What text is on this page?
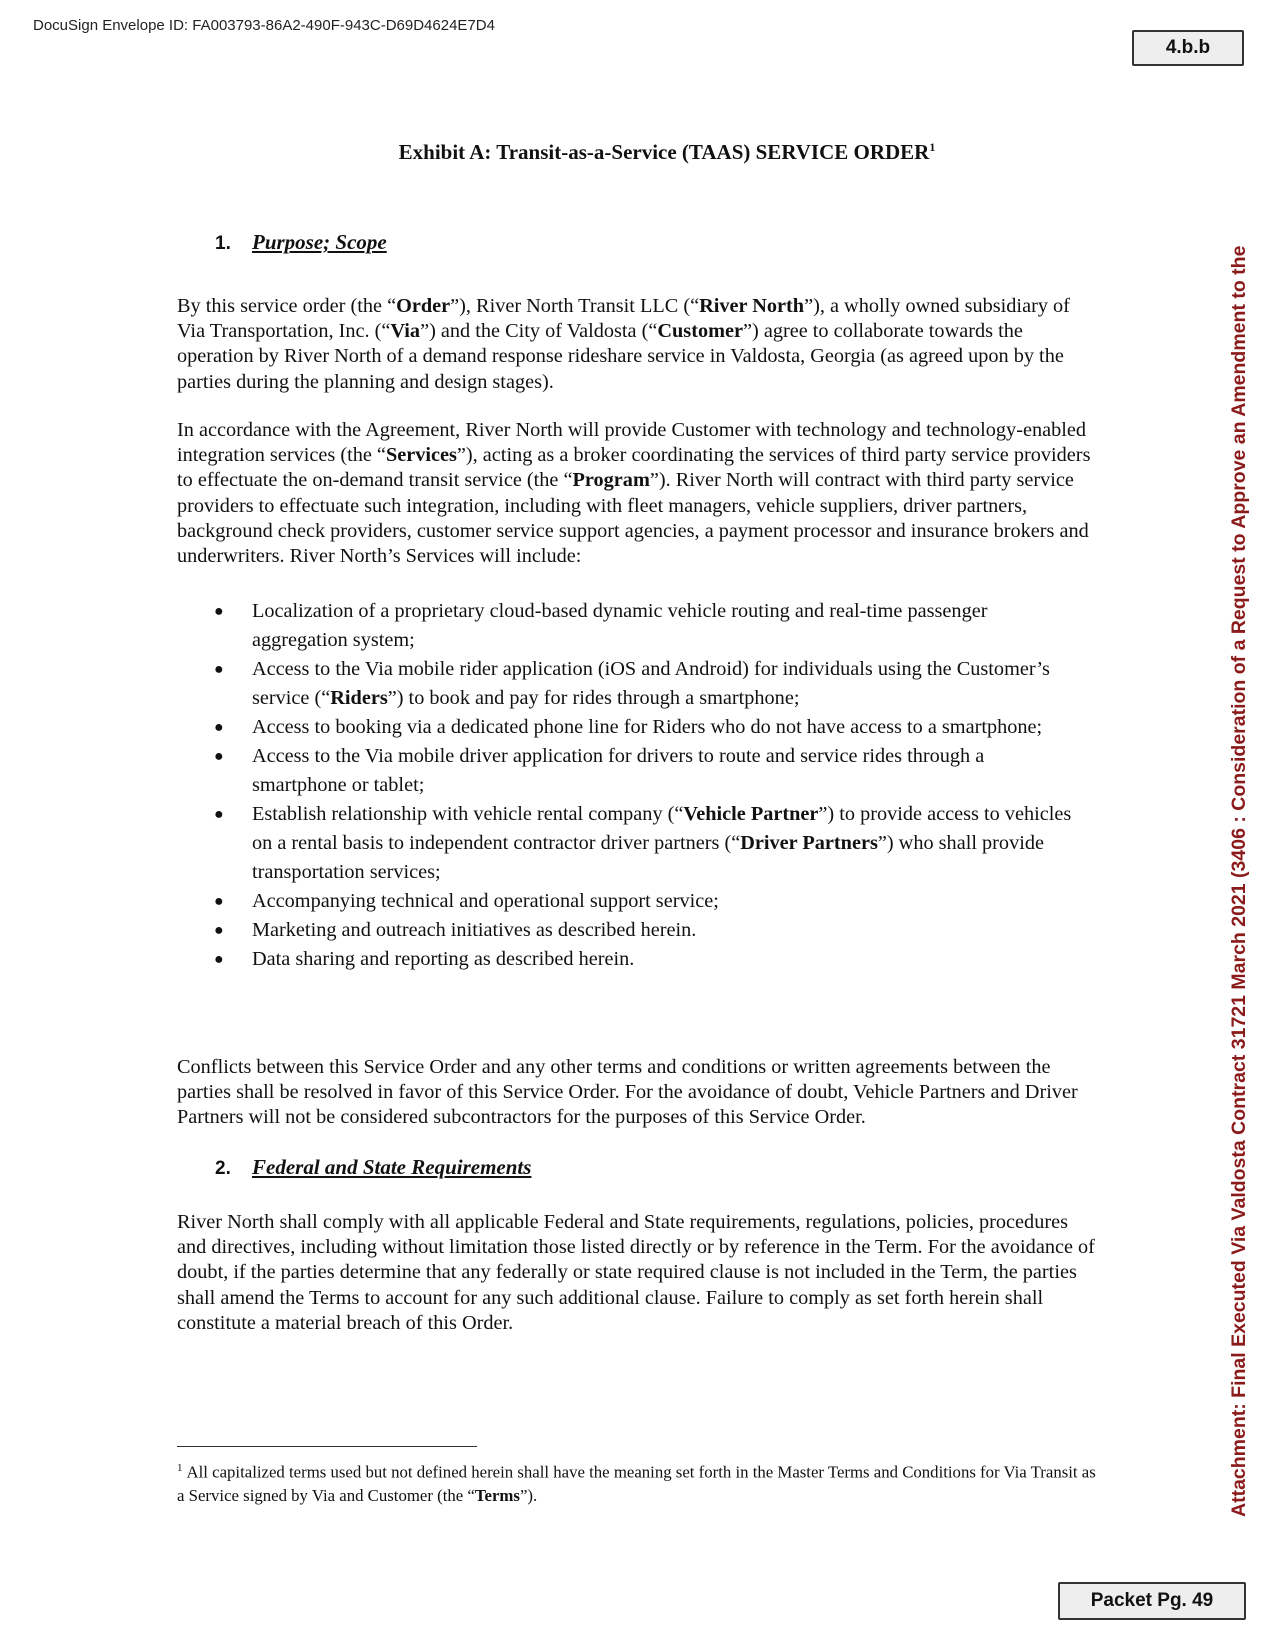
DocuSign Envelope ID: FA003793-86A2-490F-943C-D69D4624E7D4
4.b.b
Attachment: Final Executed Via Valdosta Contract 31721 March 2021 (3406 : Consideration of a Request to Approve an Amendment to the
Exhibit A: Transit-as-a-Service (TAAS) SERVICE ORDER$^1$
1. Purpose; Scope
By this service order (the “Order”), River North Transit LLC (“River North”), a wholly owned subsidiary of Via Transportation, Inc. (“Via”) and the City of Valdosta (“Customer”) agree to collaborate towards the operation by River North of a demand response rideshare service in Valdosta, Georgia (as agreed upon by the parties during the planning and design stages).
In accordance with the Agreement, River North will provide Customer with technology and technology-enabled integration services (the “Services”), acting as a broker coordinating the services of third party service providers to effectuate the on-demand transit service (the “Program”). River North will contract with third party service providers to effectuate such integration, including with fleet managers, vehicle suppliers, driver partners, background check providers, customer service support agencies, a payment processor and insurance brokers and underwriters. River North’s Services will include:
● Localization of a proprietary cloud-based dynamic vehicle routing and real-time passenger aggregation system;
● Access to the Via mobile rider application (iOS and Android) for individuals using the Customer’s service (“Riders”) to book and pay for rides through a smartphone;
● Access to booking via a dedicated phone line for Riders who do not have access to a smartphone;
● Access to the Via mobile driver application for drivers to route and service rides through a smartphone or tablet;
● Establish relationship with vehicle rental company (“Vehicle Partner”) to provide access to vehicles on a rental basis to independent contractor driver partners (“Driver Partners”) who shall provide transportation services;
● Accompanying technical and operational support service;
● Marketing and outreach initiatives as described herein.
● Data sharing and reporting as described herein.
Conflicts between this Service Order and any other terms and conditions or written agreements between the parties shall be resolved in favor of this Service Order. For the avoidance of doubt, Vehicle Partners and Driver Partners will not be considered subcontractors for the purposes of this Service Order.
2. Federal and State Requirements
River North shall comply with all applicable Federal and State requirements, regulations, policies, procedures and directives, including without limitation those listed directly or by reference in the Term. For the avoidance of doubt, if the parties determine that any federally or state required clause is not included in the Term, the parties shall amend the Terms to account for any such additional clause. Failure to comply as set forth herein shall constitute a material breach of this Order.
$^1$ All capitalized terms used but not defined herein shall have the meaning set forth in the Master Terms and Conditions for Via Transit as a Service signed by Via and Customer (the “Terms”).
Packet Pg. 49
